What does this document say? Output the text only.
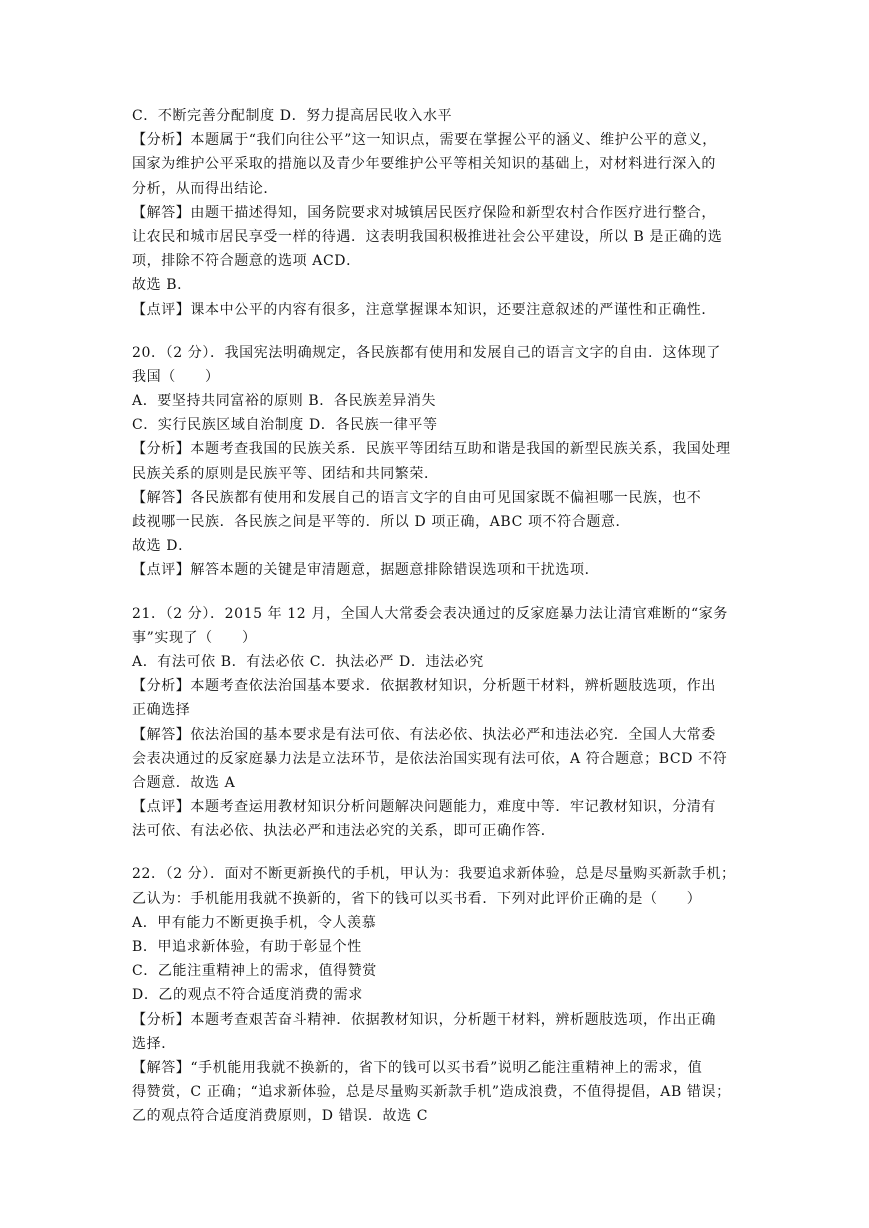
C．不断完善分配制度 D．努力提高居民收入水平
【分析】本题属于“我们向往公平”这一知识点，需要在掌握公平的涵义、维护公平的意义，
国家为维护公平采取的措施以及青少年要维护公平等相关知识的基础上，对材料进行深入的
分析，从而得出结论．
【解答】由题干描述得知，国务院要求对城镇居民医疗保险和新型农村合作医疗进行整合，
让农民和城市居民享受一样的待遇．这表明我国积极推进社会公平建设，所以 B 是正确的选
项，排除不符合题意的选项 ACD．
故选 B．
【点评】课本中公平的内容有很多，注意掌握课本知识，还要注意叙述的严谨性和正确性．
20．（2 分）．我国宪法明确规定，各民族都有使用和发展自己的语言文字的自由．这体现了
我国（　　）
A．要坚持共同富裕的原则 B．各民族差异消失
C．实行民族区域自治制度 D．各民族一律平等
【分析】本题考查我国的民族关系．民族平等团结互助和谐是我国的新型民族关系，我国处理
民族关系的原则是民族平等、团结和共同繁荣．
【解答】各民族都有使用和发展自己的语言文字的自由可见国家既不偏袒哪一民族，也不
歧视哪一民族．各民族之间是平等的．所以 D 项正确，ABC 项不符合题意．
故选 D．
【点评】解答本题的关键是审清题意，据题意排除错误选项和干扰选项．
21．（2 分）．2015 年 12 月，全国人大常委会表决通过的反家庭暴力法让清官难断的“家务
事”实现了（　　）
A．有法可依 B．有法必依 C．执法必严 D．违法必究
【分析】本题考查依法治国基本要求．依据教材知识，分析题干材料，辨析题肢选项，作出
正确选择
【解答】依法治国的基本要求是有法可依、有法必依、执法必严和违法必究．全国人大常委
会表决通过的反家庭暴力法是立法环节，是依法治国实现有法可依，A 符合题意；BCD 不符
合题意．故选 A
【点评】本题考查运用教材知识分析问题解决问题能力，难度中等．牢记教材知识，分清有
法可依、有法必依、执法必严和违法必究的关系，即可正确作答．
22．（2 分）．面对不断更新换代的手机，甲认为：我要追求新体验，总是尽量购买新款手机；
乙认为：手机能用我就不换新的，省下的钱可以买书看．下列对此评价正确的是（　　）
A．甲有能力不断更换手机，令人羡慕
B．甲追求新体验，有助于彰显个性
C．乙能注重精神上的需求，值得赞赏
D．乙的观点不符合适度消费的需求
【分析】本题考查艰苦奋斗精神．依据教材知识，分析题干材料，辨析题肢选项，作出正确
选择．
【解答】“手机能用我就不换新的，省下的钱可以买书看”说明乙能注重精神上的需求，值
得赞赏，C 正确；“追求新体验，总是尽量购买新款手机”造成浪费，不值得提倡，AB 错误；
乙的观点符合适度消费原则，D 错误．故选 C
